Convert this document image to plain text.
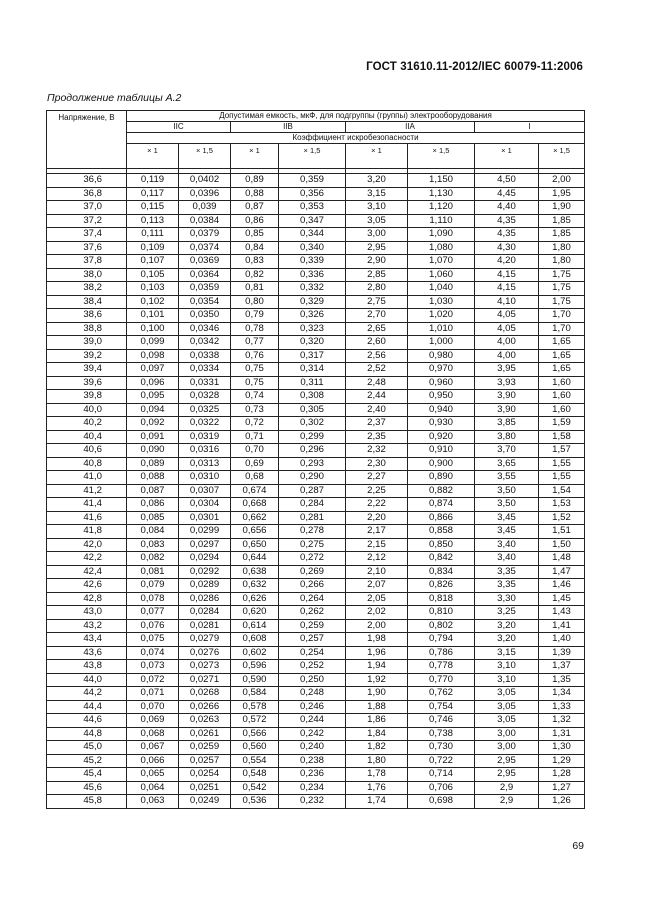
ГОСТ 31610.11-2012/IEC 60079-11:2006
Продолжение таблицы А.2
Напряжение, В	Допустимая емкость, мкФ, для подгруппы (группы) электрооборудования							
	IIC		IIB		IIA		I	
	Коэффициент искробезопасности							
	× 1	× 1,5	× 1	× 1,5	× 1	× 1,5	× 1	× 1,5

36,6	0,119	0,0402	0,89	0,359	3,20	1,150	4,50	2,00
36,8	0,117	0,0396	0,88	0,356	3,15	1,130	4,45	1,95
37,0	0,115	0,039	0,87	0,353	3,10	1,120	4,40	1,90
37,2	0,113	0,0384	0,86	0,347	3,05	1,110	4,35	1,85
37,4	0,111	0,0379	0,85	0,344	3,00	1,090	4,35	1,85
37,6	0,109	0,0374	0,84	0,340	2,95	1,080	4,30	1,80
37,8	0,107	0,0369	0,83	0,339	2,90	1,070	4,20	1,80
38,0	0,105	0,0364	0,82	0,336	2,85	1,060	4,15	1,75
38,2	0,103	0,0359	0,81	0,332	2,80	1,040	4,15	1,75
38,4	0,102	0,0354	0,80	0,329	2,75	1,030	4,10	1,75
38,6	0,101	0,0350	0,79	0,326	2,70	1,020	4,05	1,70
38,8	0,100	0,0346	0,78	0,323	2,65	1,010	4,05	1,70
39,0	0,099	0,0342	0,77	0,320	2,60	1,000	4,00	1,65
39,2	0,098	0,0338	0,76	0,317	2,56	0,980	4,00	1,65
39,4	0,097	0,0334	0,75	0,314	2,52	0,970	3,95	1,65
39,6	0,096	0,0331	0,75	0,311	2,48	0,960	3,93	1,60
39,8	0,095	0,0328	0,74	0,308	2,44	0,950	3,90	1,60
40,0	0,094	0,0325	0,73	0,305	2,40	0,940	3,90	1,60
40,2	0,092	0,0322	0,72	0,302	2,37	0,930	3,85	1,59
40,4	0,091	0,0319	0,71	0,299	2,35	0,920	3,80	1,58
40,6	0,090	0,0316	0,70	0,296	2,32	0,910	3,70	1,57
40,8	0,089	0,0313	0,69	0,293	2,30	0,900	3,65	1,55
41,0	0,088	0,0310	0,68	0,290	2,27	0,890	3,55	1,55
41,2	0,087	0,0307	0,674	0,287	2,25	0,882	3,50	1,54
41,4	0,086	0,0304	0,668	0,284	2,22	0,874	3,50	1,53
41,6	0,085	0,0301	0,662	0,281	2,20	0,866	3,45	1,52
41,8	0,084	0,0299	0,656	0,278	2,17	0,858	3,45	1,51
42,0	0,083	0,0297	0,650	0,275	2,15	0,850	3,40	1,50
42,2	0,082	0,0294	0,644	0,272	2,12	0,842	3,40	1,48
42,4	0,081	0,0292	0,638	0,269	2,10	0,834	3,35	1,47
42,6	0,079	0,0289	0,632	0,266	2,07	0,826	3,35	1,46
42,8	0,078	0,0286	0,626	0,264	2,05	0,818	3,30	1,45
43,0	0,077	0,0284	0,620	0,262	2,02	0,810	3,25	1,43
43,2	0,076	0,0281	0,614	0,259	2,00	0,802	3,20	1,41
43,4	0,075	0,0279	0,608	0,257	1,98	0,794	3,20	1,40
43,6	0,074	0,0276	0,602	0,254	1,96	0,786	3,15	1,39
43,8	0,073	0,0273	0,596	0,252	1,94	0,778	3,10	1,37
44,0	0,072	0,0271	0,590	0,250	1,92	0,770	3,10	1,35
44,2	0,071	0,0268	0,584	0,248	1,90	0,762	3,05	1,34
44,4	0,070	0,0266	0,578	0,246	1,88	0,754	3,05	1,33
44,6	0,069	0,0263	0,572	0,244	1,86	0,746	3,05	1,32
44,8	0,068	0,0261	0,566	0,242	1,84	0,738	3,00	1,31
45,0	0,067	0,0259	0,560	0,240	1,82	0,730	3,00	1,30
45,2	0,066	0,0257	0,554	0,238	1,80	0,722	2,95	1,29
45,4	0,065	0,0254	0,548	0,236	1,78	0,714	2,95	1,28
45,6	0,064	0,0251	0,542	0,234	1,76	0,706	2,9	1,27
45,8	0,063	0,0249	0,536	0,232	1,74	0,698	2,9	1,26
69
